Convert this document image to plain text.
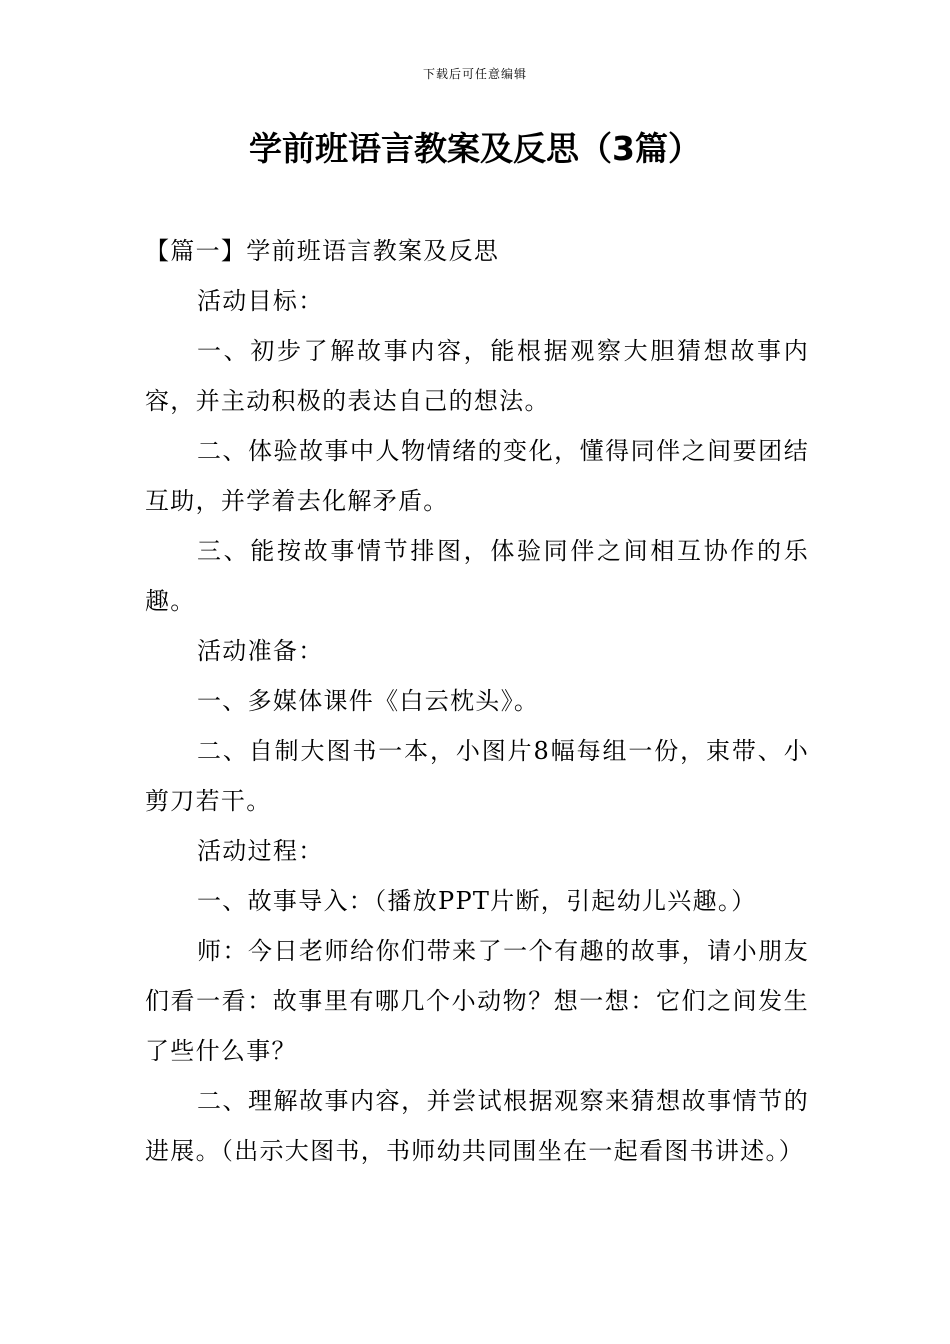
下载后可任意编辑
学前班语言教案及反思（3篇）

【篇一】学前班语言教案及反思

活动目标：

一、初步了解故事内容，能根据观察大胆猜想故事内容，并主动积极的表达自己的想法。

二、体验故事中人物情绪的变化，懂得同伴之间要团结互助，并学着去化解矛盾。

三、能按故事情节排图，体验同伴之间相互协作的乐趣。

活动准备：

一、多媒体课件《白云枕头》。

二、自制大图书一本，小图片8幅每组一份，束带、小剪刀若干。

活动过程：

一、故事导入：（播放PPT片断，引起幼儿兴趣。）

师：今日老师给你们带来了一个有趣的故事，请小朋友们看一看：故事里有哪几个小动物？想一想：它们之间发生了些什么事？

二、理解故事内容，并尝试根据观察来猜想故事情节的进展。（出示大图书，书师幼共同围坐在一起看图书讲述。）
